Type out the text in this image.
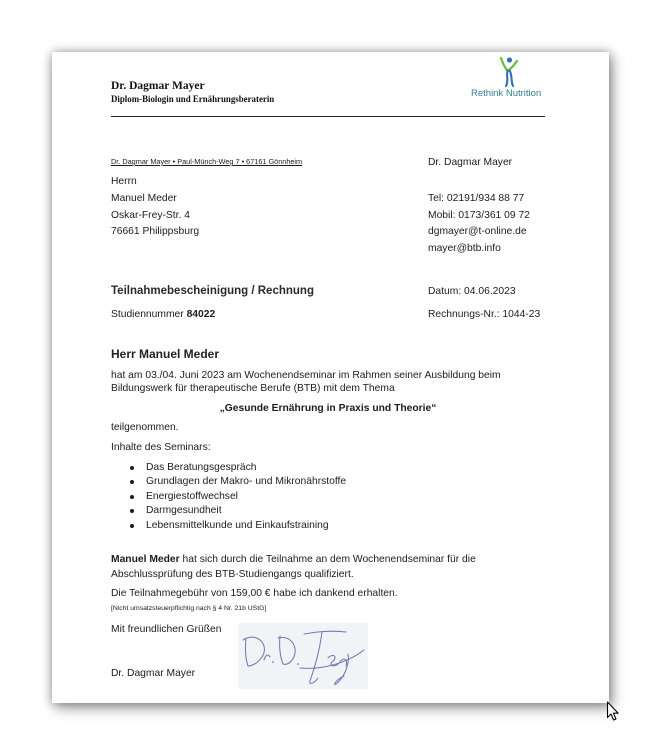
Dr. Dagmar Mayer
Diplom-Biologin und Ernährungsberaterin	Rethink Nutrition
Dr. Dagmar Mayer • Paul-Münch-Weg 7 • 67161 Gönnheim
Herrn
Manuel Meder
Oskar-Frey-Str. 4
76661 Philippsburg
Dr. Dagmar Mayer
Tel: 02191/934 88 77
Mobil: 0173/361 09 72
dgmayer@t-online.de
mayer@btb.info
Teilnahmebescheinigung / Rechnung	Datum: 04.06.2023
Studiennummer 84022	Rechnungs-Nr.: 1044-23
Herr Manuel Meder
hat am 03./04. Juni 2023 am Wochenendseminar im Rahmen seiner Ausbildung beim
Bildungswerk für therapeutische Berufe (BTB) mit dem Thema
„Gesunde Ernährung in Praxis und Theorie“
teilgenommen.
Inhalte des Seminars:
Das Beratungsgespräch
Grundlagen der Makro- und Mikronährstoffe
Energiestoffwechsel
Darmgesundheit
Lebensmittelkunde und Einkaufstraining
Manuel Meder hat sich durch die Teilnahme an dem Wochenendseminar für die
Abschlussprüfung des BTB-Studiengangs qualifiziert.
Die Teilnahmegebühr von 159,00 € habe ich dankend erhalten.
[Nicht umsatzsteuerpflichtig nach § 4 Nr. 21b UStG]
Mit freundlichen Grüßen
Dr. Dagmar Mayer
